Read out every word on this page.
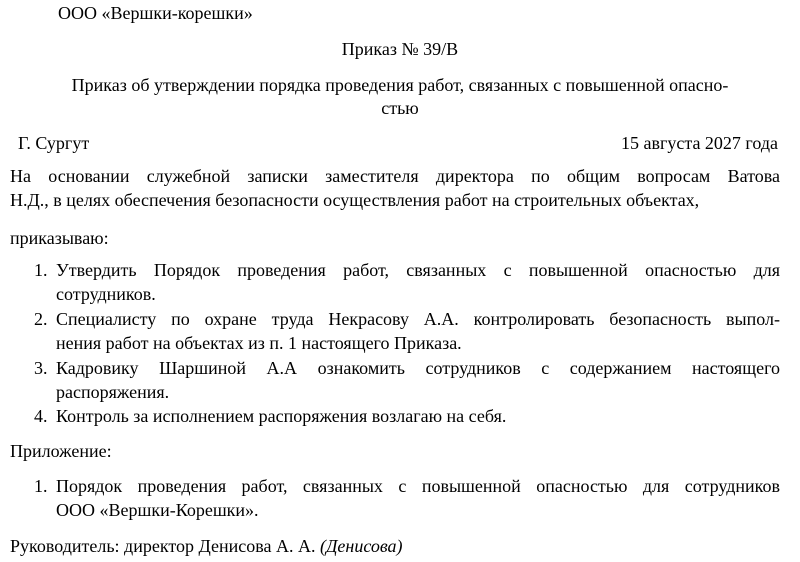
ООО «Вершки-корешки»
Приказ № 39/В
Приказ об утверждении порядка проведения работ, связанных с повышенной опасно-
стью
Г. Сургут	15 августа 2027 года
На основании служебной записки заместителя директора по общим вопросам Ватова
Н.Д., в целях обеспечения безопасности осуществления работ на строительных объектах,
приказываю:
1. Утвердить Порядок проведения работ, связанных с повышенной опасностью для
сотрудников.
2. Специалисту по охране труда Некрасову А.А. контролировать безопасность выпол-
нения работ на объектах из п. 1 настоящего Приказа.
3. Кадровику Шаршиной А.А ознакомить сотрудников с содержанием настоящего
распоряжения.
4. Контроль за исполнением распоряжения возлагаю на себя.
Приложение:
1. Порядок проведения работ, связанных с повышенной опасностью для сотрудников
ООО «Вершки-Корешки».
Руководитель: директор Денисова А. А. (Денисова)
